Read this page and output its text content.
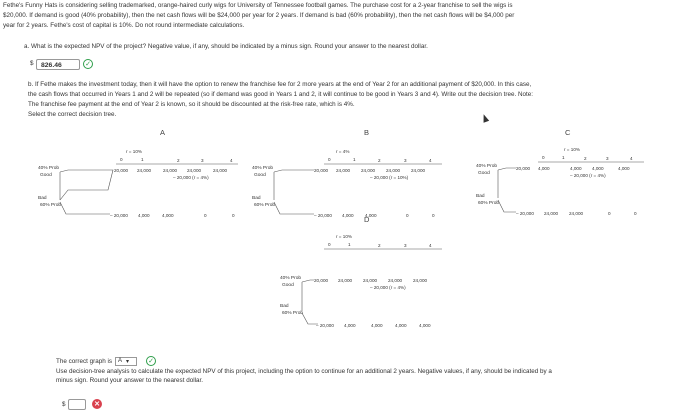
Fethe's Funny Hats is considering selling trademarked, orange-haired curly wigs for University of Tennessee football games. The purchase cost for a 2-year franchise to sell the wigs is
$20,000. If demand is good (40% probability), then the net cash flows will be $24,000 per year for 2 years. If demand is bad (60% probability), then the net cash flows will be $4,000 per
year for 2 years. Fethe's cost of capital is 10%. Do not round intermediate calculations.
a. What is the expected NPV of the project? Negative value, if any, should be indicated by a minus sign. Round your answer to the nearest dollar.
$	826.46	✓
b. If Fethe makes the investment today, then it will have the option to renew the franchise fee for 2 more years at the end of Year 2 for an additional payment of $20,000. In this case,
the cash flows that occurred in Years 1 and 2 will be repeated (so if demand was good in Years 1 and 2, it will continue to be good in Years 3 and 4). Write out the decision tree. Note:
The franchise fee payment at the end of Year 2 is known, so it should be discounted at the risk-free rate, which is 4%.
Select the correct decision tree.
A	B	C
D
r = 10%
0	1	2	3	4
40% Prob
Good
20,000 24,000	24,000 24,000	24,000
– 20,000 (r = 4%)
Bad
60% Prob
– 20,000 4,000	4,000	0	0
r = 4%
0	1	2	3	4
40% Prob
Good
20,000 24,000 24,000 24,000 24,000
– 20,000 (r = 10%)
Bad
60% Prob
– 20,000 4,000	4,000	0	0
r = 10%
0	1	2	3	4
40% Prob
Good
20,000 4,000	4,000 4,000	4,000
– 20,000 (r = 4%)
Bad
60% Prob
– 20,000 24,000 24,000	0	0
r = 10%
0	1	2	3	4
40% Prob
Good
20,000 24,000 24,000 24,000 24,000
– 20,000 (r = 4%)
Bad
60% Prob
– 20,000 4,000	4,000	4,000	4,000
The correct graph is	A ▾	✓
Use decision-tree analysis to calculate the expected NPV of this project, including the option to continue for an additional 2 years. Negative values, if any, should be indicated by a
minus sign. Round your answer to the nearest dollar.
$	✕
